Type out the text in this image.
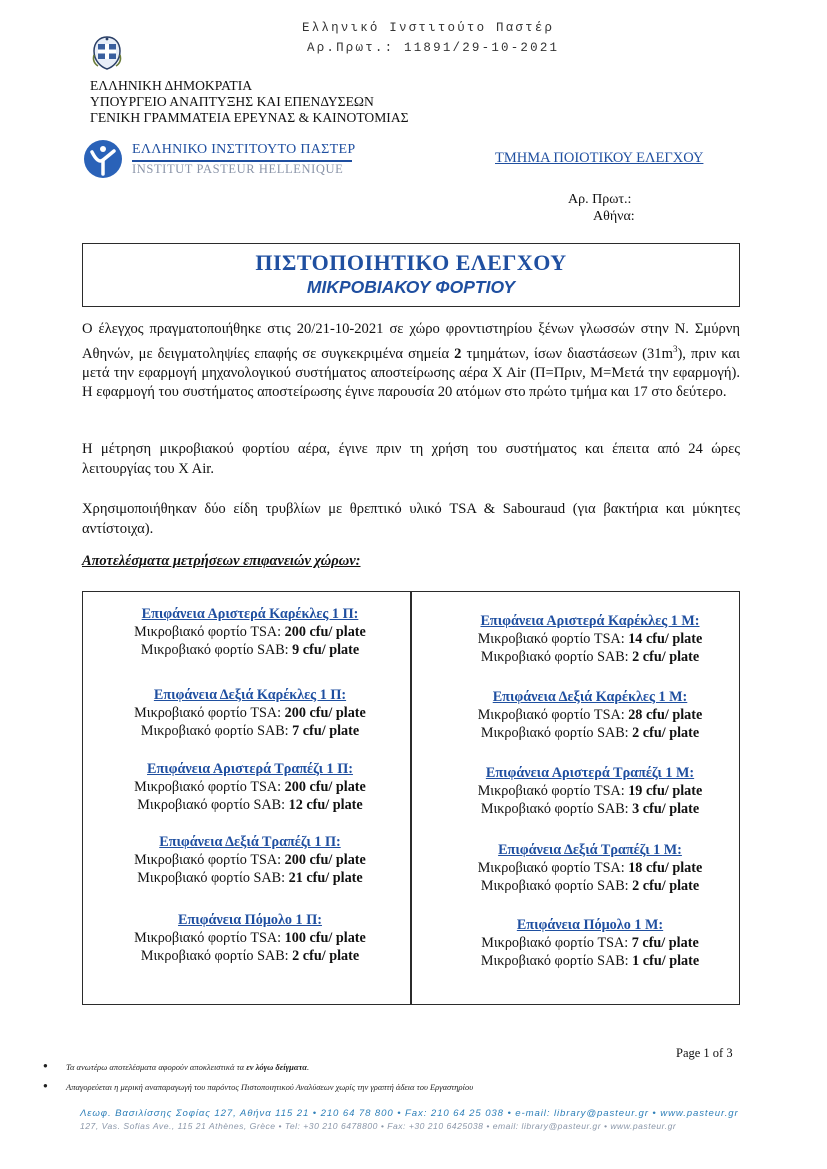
Ελληνικό Ινστιτούτο Παστέρ
Αρ.Πρωτ.: 11891/29-10-2021
ΕΛΛΗΝΙΚΗ ΔΗΜΟΚΡΑΤΙΑ
ΥΠΟΥΡΓΕΙΟ ΑΝΑΠΤΥΞΗΣ ΚΑΙ ΕΠΕΝΔΥΣΕΩΝ
ΓΕΝΙΚΗ ΓΡΑΜΜΑΤΕΙΑ ΕΡΕΥΝΑΣ & ΚΑΙΝΟΤΟΜΙΑΣ
ΕΛΛΗΝΙΚΟ ΙΝΣΤΙΤΟΥΤΟ ΠΑΣΤΕΡ
INSTITUT PASTEUR HELLENIQUE
ΤΜΗΜΑ ΠΟΙΟΤΙΚΟΥ ΕΛΕΓΧΟΥ
Αρ. Πρωτ.:
Αθήνα:
ΠΙΣΤΟΠΟΙΗΤΙΚΟ ΕΛΕΓΧΟΥ
ΜΙΚΡΟΒΙΑΚΟΥ ΦΟΡΤΙΟΥ
Ο έλεγχος πραγματοποιήθηκε στις 20/21-10-2021 σε χώρο φροντιστηρίου ξένων γλωσσών στην Ν. Σμύρνη Αθηνών, με δειγματοληψίες επαφής σε συγκεκριμένα σημεία 2 τμημάτων, ίσων διαστάσεων $(31m^3)$, πριν και μετά την εφαρμογή μηχανολογικού συστήματος αποστείρωσης αέρα X Air (Π=Πριν, Μ=Μετά την εφαρμογή). Η εφαρμογή του συστήματος αποστείρωσης έγινε παρουσία 20 ατόμων στο πρώτο τμήμα και 17 στο δεύτερο.
Η μέτρηση μικροβιακού φορτίου αέρα, έγινε πριν τη χρήση του συστήματος και έπειτα από 24 ώρες λειτουργίας του X Air.
Χρησιμοποιήθηκαν δύο είδη τρυβλίων με θρεπτικό υλικό TSA & Sabouraud (για βακτήρια και μύκητες αντίστοιχα).
Αποτελέσματα μετρήσεων επιφανειών χώρων:
Επιφάνεια Αριστερά Καρέκλες 1 Π:
Μικροβιακό φορτίο TSA: 200 cfu/ plate
Μικροβιακό φορτίο SAB: 9 cfu/ plate
Επιφάνεια Δεξιά Καρέκλες 1 Π:
Μικροβιακό φορτίο TSA: 200 cfu/ plate
Μικροβιακό φορτίο SAB: 7 cfu/ plate
Επιφάνεια Αριστερά Τραπέζι 1 Π:
Μικροβιακό φορτίο TSA: 200 cfu/ plate
Μικροβιακό φορτίο SAB: 12 cfu/ plate
Επιφάνεια Δεξιά Τραπέζι 1 Π:
Μικροβιακό φορτίο TSA: 200 cfu/ plate
Μικροβιακό φορτίο SAB: 21 cfu/ plate
Επιφάνεια Πόμολο 1 Π:
Μικροβιακό φορτίο TSA: 100 cfu/ plate
Μικροβιακό φορτίο SAB: 2 cfu/ plate
Επιφάνεια Αριστερά Καρέκλες 1 Μ:
Μικροβιακό φορτίο TSA: 14 cfu/ plate
Μικροβιακό φορτίο SAB: 2 cfu/ plate
Επιφάνεια Δεξιά Καρέκλες 1 Μ:
Μικροβιακό φορτίο TSA: 28 cfu/ plate
Μικροβιακό φορτίο SAB: 2 cfu/ plate
Επιφάνεια Αριστερά Τραπέζι 1 Μ:
Μικροβιακό φορτίο TSA: 19 cfu/ plate
Μικροβιακό φορτίο SAB: 3 cfu/ plate
Επιφάνεια Δεξιά Τραπέζι 1 Μ:
Μικροβιακό φορτίο TSA: 18 cfu/ plate
Μικροβιακό φορτίο SAB: 2 cfu/ plate
Επιφάνεια Πόμολο 1 Μ:
Μικροβιακό φορτίο TSA: 7 cfu/ plate
Μικροβιακό φορτίο SAB: 1 cfu/ plate
● Τα ανωτέρω αποτελέσματα αφορούν αποκλειστικά τα εν λόγω δείγματα.
● Απαγορεύεται η μερική αναπαραγωγή του παρόντος Πιστοποιητικού Αναλύσεων χωρίς την γραπτή άδεια του Εργαστηρίου
Page 1 of 3
Λεωφ. Βασιλίσσης Σοφίας 127, Αθήνα 115 21 • 210 64 78 800 • Fax: 210 64 25 038 • e-mail: library@pasteur.gr • www.pasteur.gr
127, Vas. Sofias Ave., 115 21 Athènes, Grèce • Tel: +30 210 6478800 • Fax: +30 210 6425038 • email: library@pasteur.gr • www.pasteur.gr
